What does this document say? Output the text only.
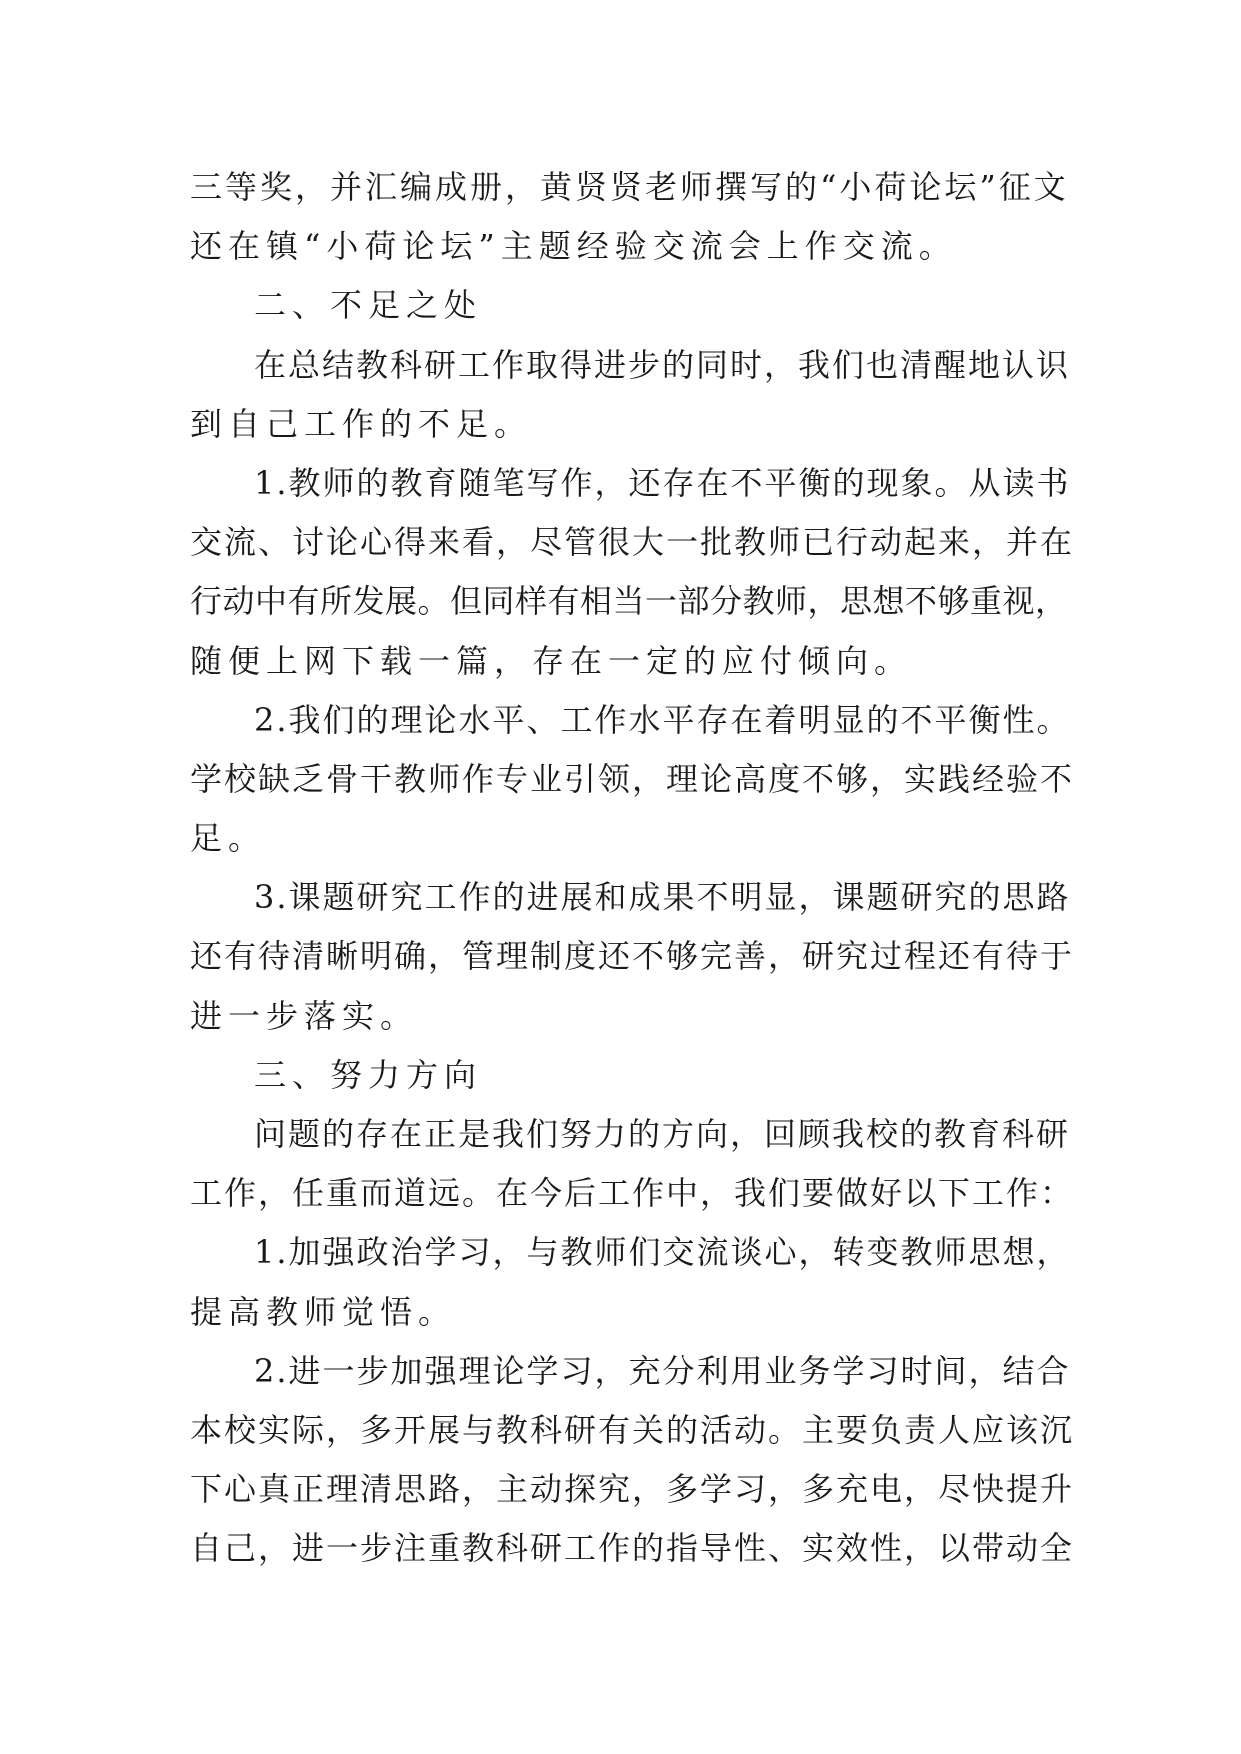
三等奖，并汇编成册，黄贤贤老师撰写的“小荷论坛”征文
还在镇“小荷论坛”主题经验交流会上作交流。
二、不足之处
在总结教科研工作取得进步的同时，我们也清醒地认识
到自己工作的不足。
1.教师的教育随笔写作，还存在不平衡的现象。从读书
交流、讨论心得来看，尽管很大一批教师已行动起来，并在
行动中有所发展。但同样有相当一部分教师，思想不够重视，
随便上网下载一篇，存在一定的应付倾向。
2.我们的理论水平、工作水平存在着明显的不平衡性。
学校缺乏骨干教师作专业引领，理论高度不够，实践经验不
足。
3.课题研究工作的进展和成果不明显，课题研究的思路
还有待清晰明确，管理制度还不够完善，研究过程还有待于
进一步落实。
三、努力方向
问题的存在正是我们努力的方向，回顾我校的教育科研
工作，任重而道远。在今后工作中，我们要做好以下工作：
1.加强政治学习，与教师们交流谈心，转变教师思想，
提高教师觉悟。
2.进一步加强理论学习，充分利用业务学习时间，结合
本校实际，多开展与教科研有关的活动。主要负责人应该沉
下心真正理清思路，主动探究，多学习，多充电，尽快提升
自己，进一步注重教科研工作的指导性、实效性，以带动全
